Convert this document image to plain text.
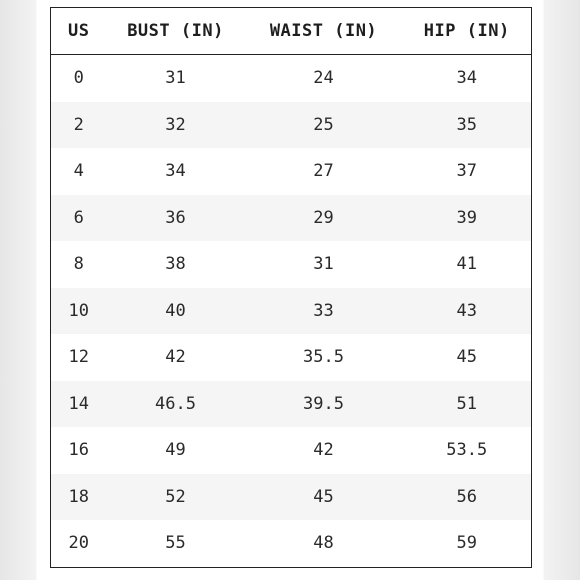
US	BUST (IN)	WAIST (IN)	HIP (IN)
0	31	24	34
2	32	25	35
4	34	27	37
6	36	29	39
8	38	31	41
10	40	33	43
12	42	35.5	45
14	46.5	39.5	51
16	49	42	53.5
18	52	45	56
20	55	48	59
